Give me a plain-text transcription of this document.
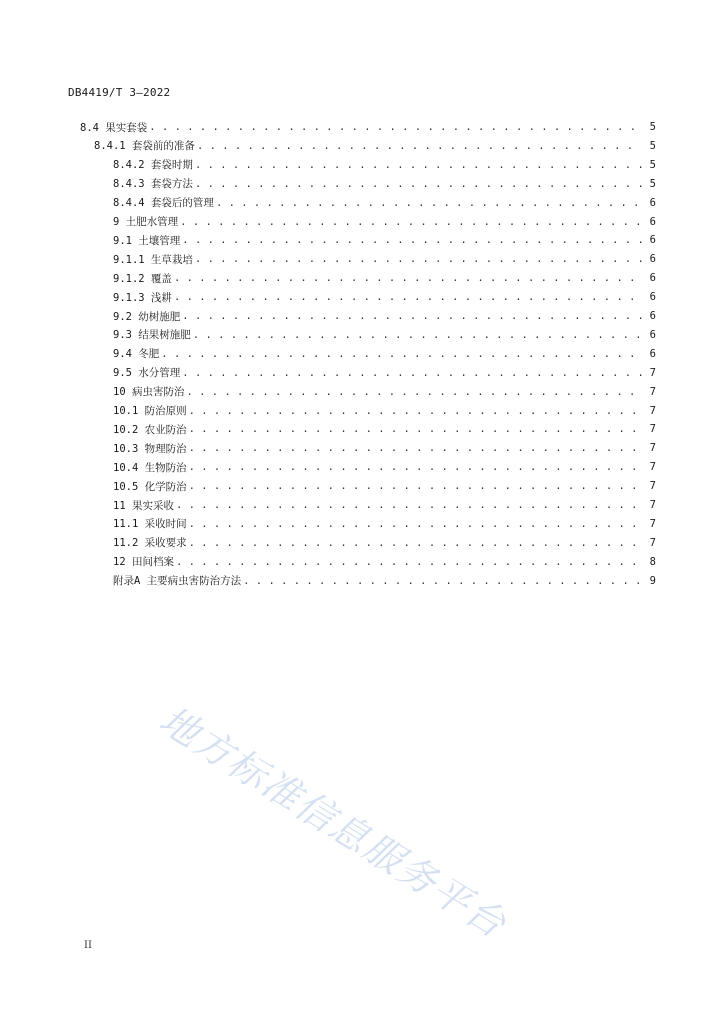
DB4419/T 3—2022
8.4 果实套袋 . . .	5
8.4.1 套袋前的准备 . . .	5
8.4.2 套袋时期 . . .	5
8.4.3 套袋方法 . . .	5
8.4.4 套袋后的管理 . . .	6
9 土肥水管理 . . .	6
9.1 土壤管理 . . .	6
9.1.1 生草栽培 . . .	6
9.1.2 覆盖 . . .	6
9.1.3 浅耕 . . .	6
9.2 幼树施肥 . . .	6
9.3 结果树施肥 . . .	6
9.4 冬肥 . . .	6
9.5 水分管理 . . .	7
10 病虫害防治 . . .	7
10.1 防治原则 . . .	7
10.2 农业防治 . . .	7
10.3 物理防治 . . .	7
10.4 生物防治 . . .	7
10.5 化学防治 . . .	7
11 果实采收 . . .	7
11.1 采收时间 . . .	7
11.2 采收要求 . . .	7
12 田间档案 . . .	8
附录A 主要病虫害防治方法 . . .	9
II 地方标准信息服务平台
